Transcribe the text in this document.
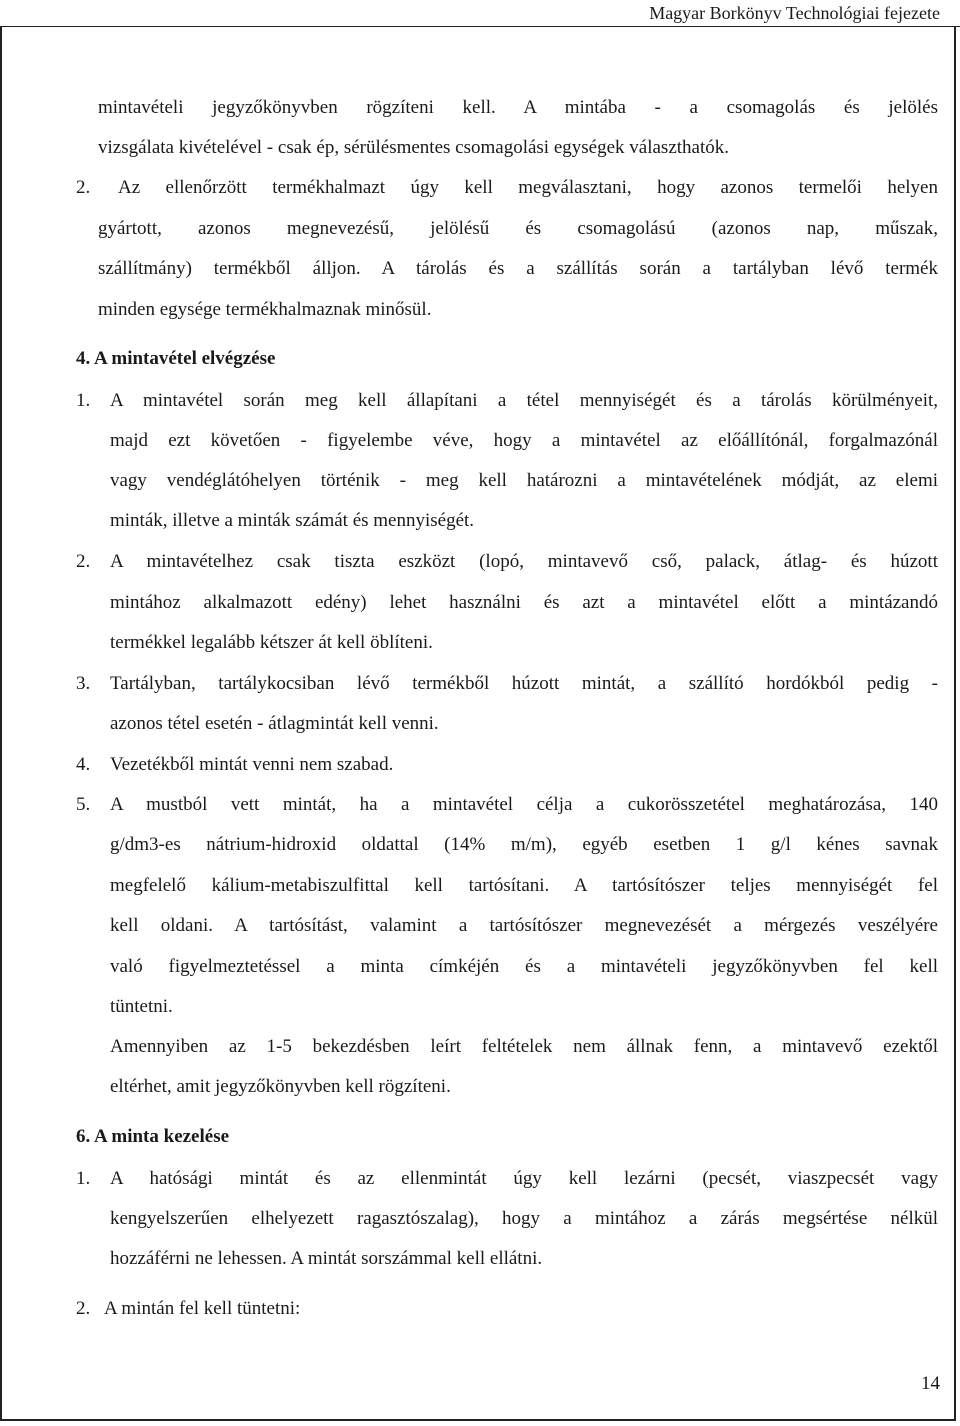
Magyar Borkönyv Technológiai fejezete
mintavételi jegyzőkönyvben rögzíteni kell. A mintába - a csomagolás és jelölés
vizsgálata kivételével - csak ép, sérülésmentes csomagolási egységek választhatók.
2. Az ellenőrzött termékhalmazt úgy kell megválasztani, hogy azonos termelői helyen
gyártott, azonos megnevezésű, jelölésű és csomagolású (azonos nap, műszak,
szállítmány) termékből álljon. A tárolás és a szállítás során a tartályban lévő termék
minden egysége termékhalmaznak minősül.
4. A mintavétel elvégzése
1. A mintavétel során meg kell állapítani a tétel mennyiségét és a tárolás körülményeit,
majd ezt követően - figyelembe véve, hogy a mintavétel az előállítónál, forgalmazónál
vagy vendéglátóhelyen történik - meg kell határozni a mintavételének módját, az elemi
minták, illetve a minták számát és mennyiségét.
2. A mintavételhez csak tiszta eszközt (lopó, mintavevő cső, palack, átlag- és húzott
mintához alkalmazott edény) lehet használni és azt a mintavétel előtt a mintázandó
termékkel legalább kétszer át kell öblíteni.
3. Tartályban, tartálykocsiban lévő termékből húzott mintát, a szállító hordókból pedig -
azonos tétel esetén - átlagmintát kell venni.
4. Vezetékből mintát venni nem szabad.
5. A mustból vett mintát, ha a mintavétel célja a cukorösszetétel meghatározása, 140
g/dm3-es nátrium-hidroxid oldattal (14% m/m), egyéb esetben 1 g/l kénes savnak
megfelelő kálium-metabiszulfittal kell tartósítani. A tartósítószer teljes mennyiségét fel
kell oldani. A tartósítást, valamint a tartósítószer megnevezését a mérgezés veszélyére
való figyelmeztetéssel a minta címkéjén és a mintavételi jegyzőkönyvben fel kell
tüntetni.
Amennyiben az 1-5 bekezdésben leírt feltételek nem állnak fenn, a mintavevő ezektől
eltérhet, amit jegyzőkönyvben kell rögzíteni.
6. A minta kezelése
1. A hatósági mintát és az ellenmintát úgy kell lezárni (pecsét, viaszpecsét vagy
kengyelszerűen elhelyezett ragasztószalag), hogy a mintához a zárás megsértése nélkül
hozzáférni ne lehessen. A mintát sorszámmal kell ellátni.
2. A mintán fel kell tüntetni:
14
